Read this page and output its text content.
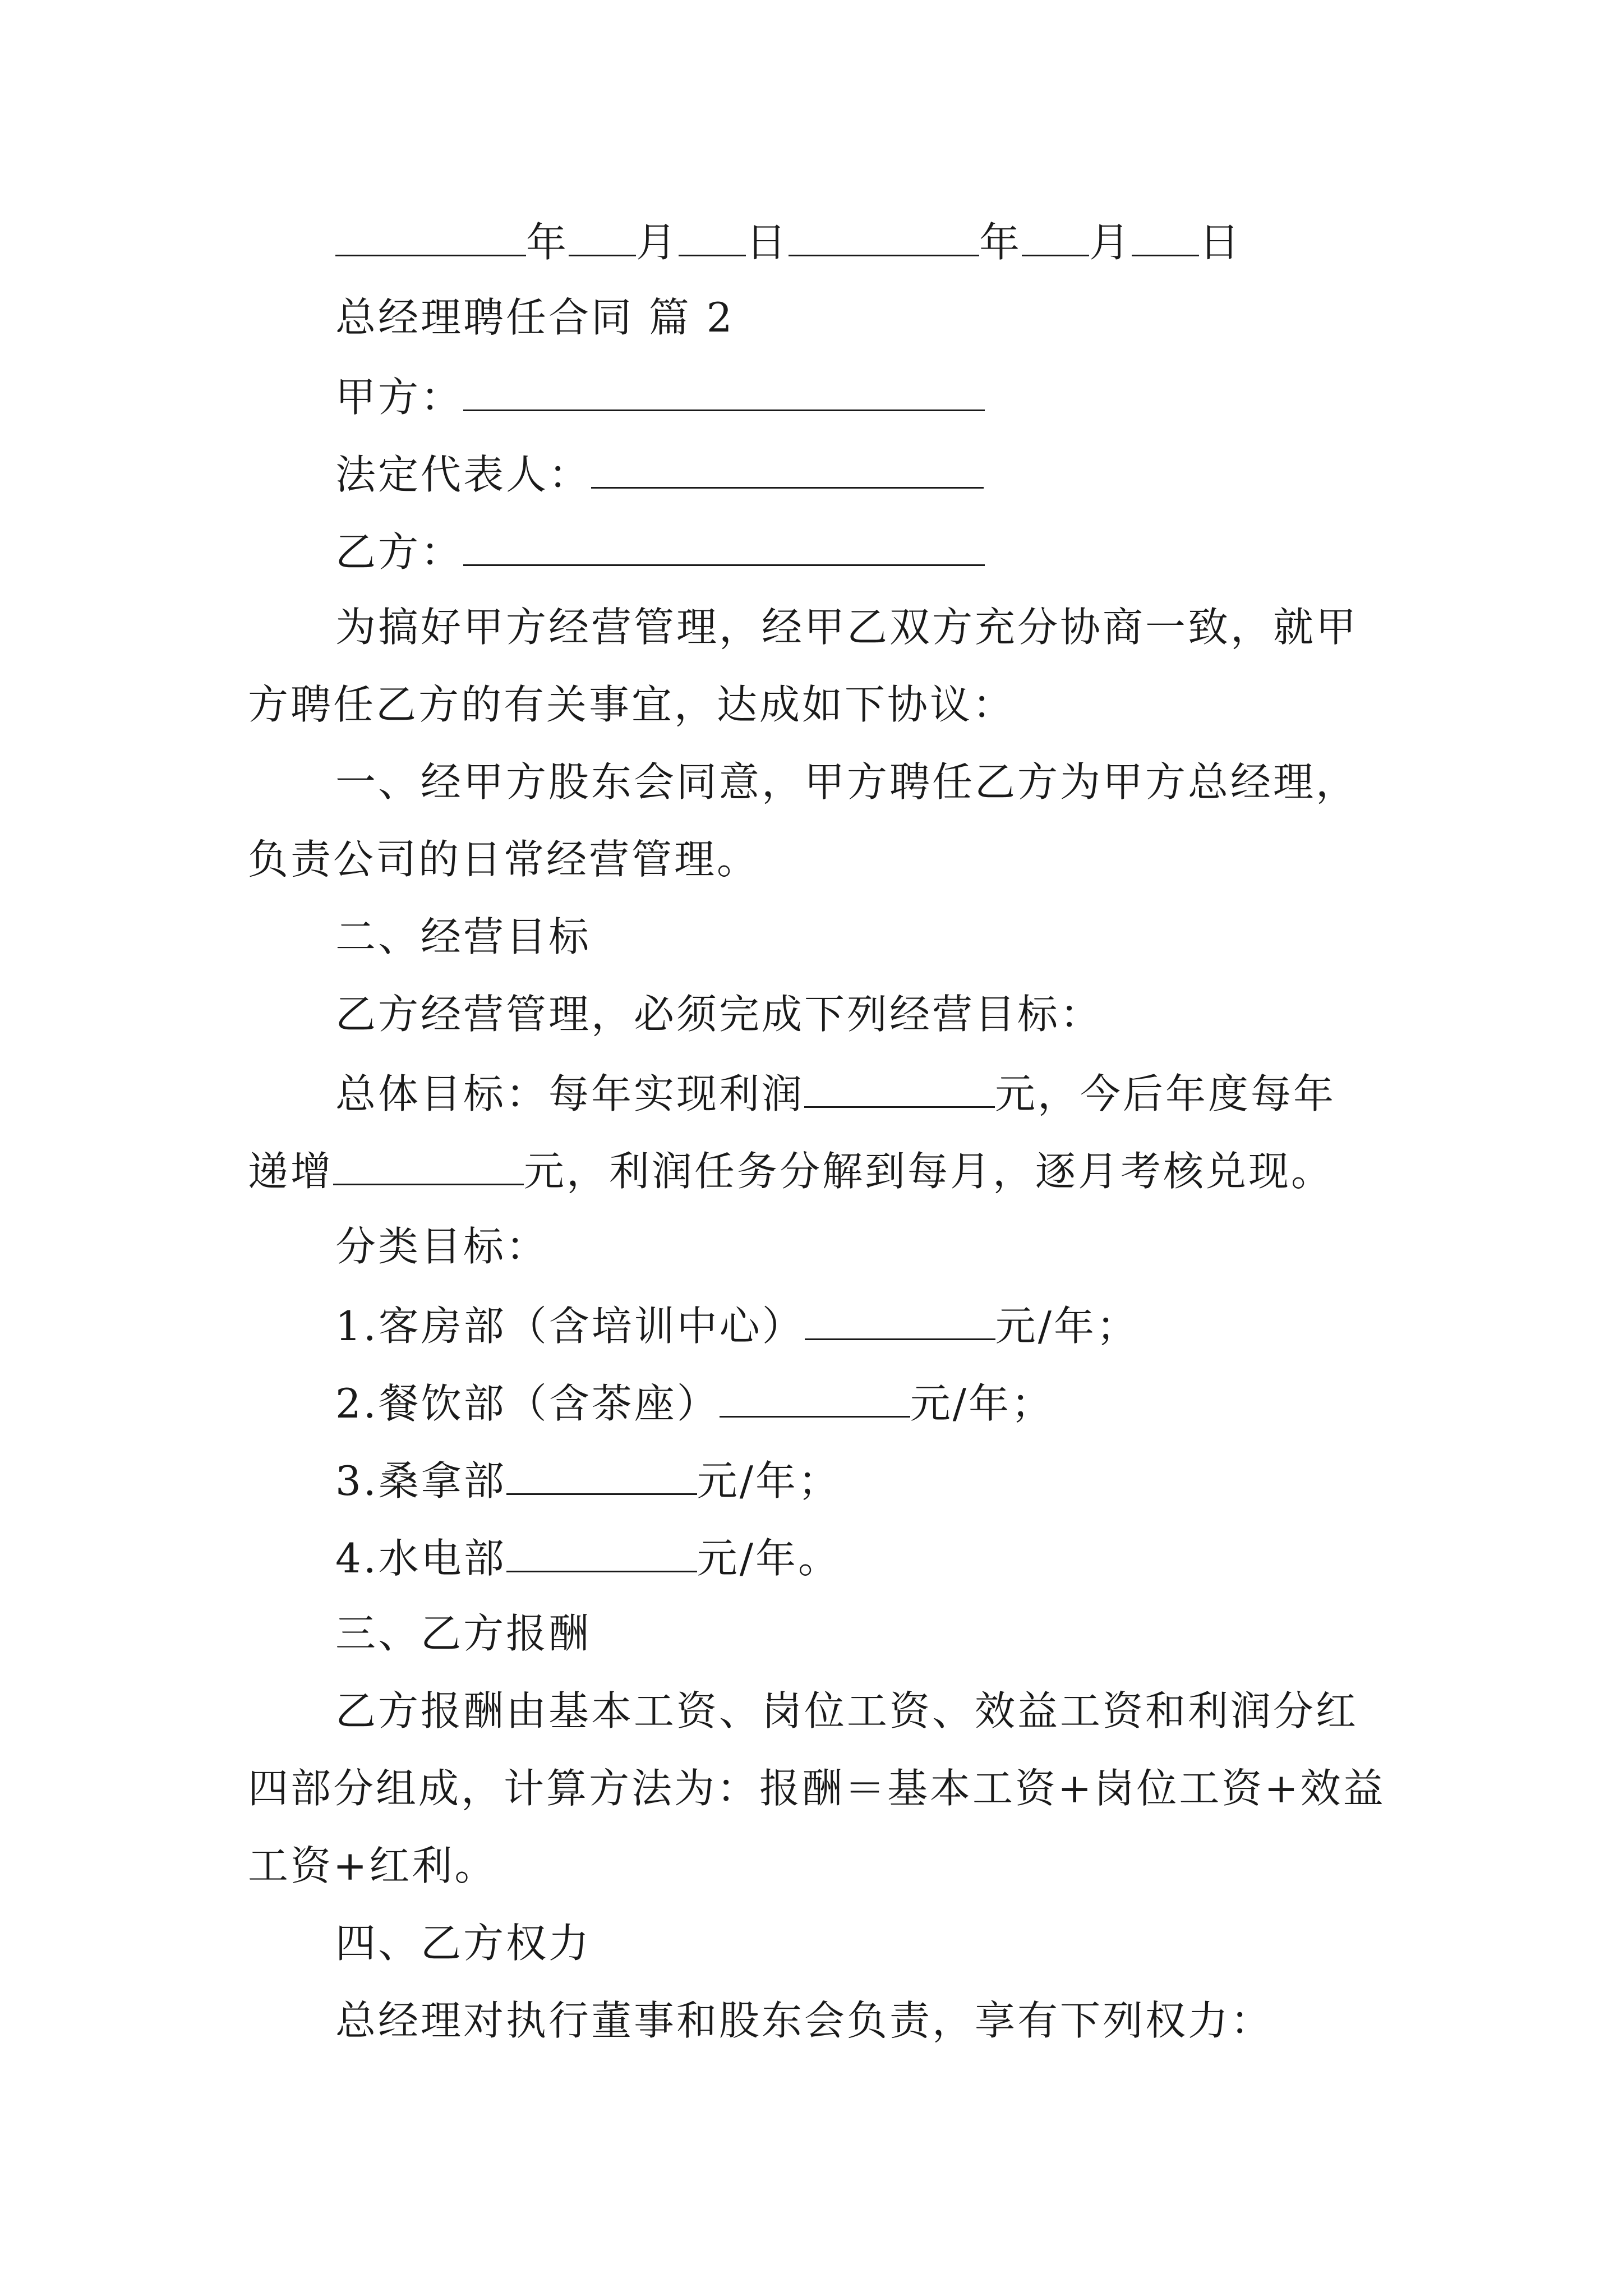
年 月 日	年 月 日
总经理聘任合同 篇 2
甲方：
法定代表人：
乙方：
为搞好甲方经营管理，经甲乙双方充分协商一致，就甲
方聘任乙方的有关事宜，达成如下协议：
一、经甲方股东会同意，甲方聘任乙方为甲方总经理，
负责公司的日常经营管理。
二、经营目标
乙方经营管理，必须完成下列经营目标：
总体目标：每年实现利润	元，今后年度每年
递增	元，利润任务分解到每月，逐月考核兑现。
分类目标：
1.客房部（含培训中心）	元/年；
2.餐饮部（含茶座）	元/年；
3.桑拿部	元/年；
4.水电部	元/年。
三、乙方报酬
乙方报酬由基本工资、岗位工资、效益工资和利润分红
四部分组成，计算方法为：报酬＝基本工资+岗位工资+效益
工资+红利。
四、乙方权力
总经理对执行董事和股东会负责，享有下列权力：
